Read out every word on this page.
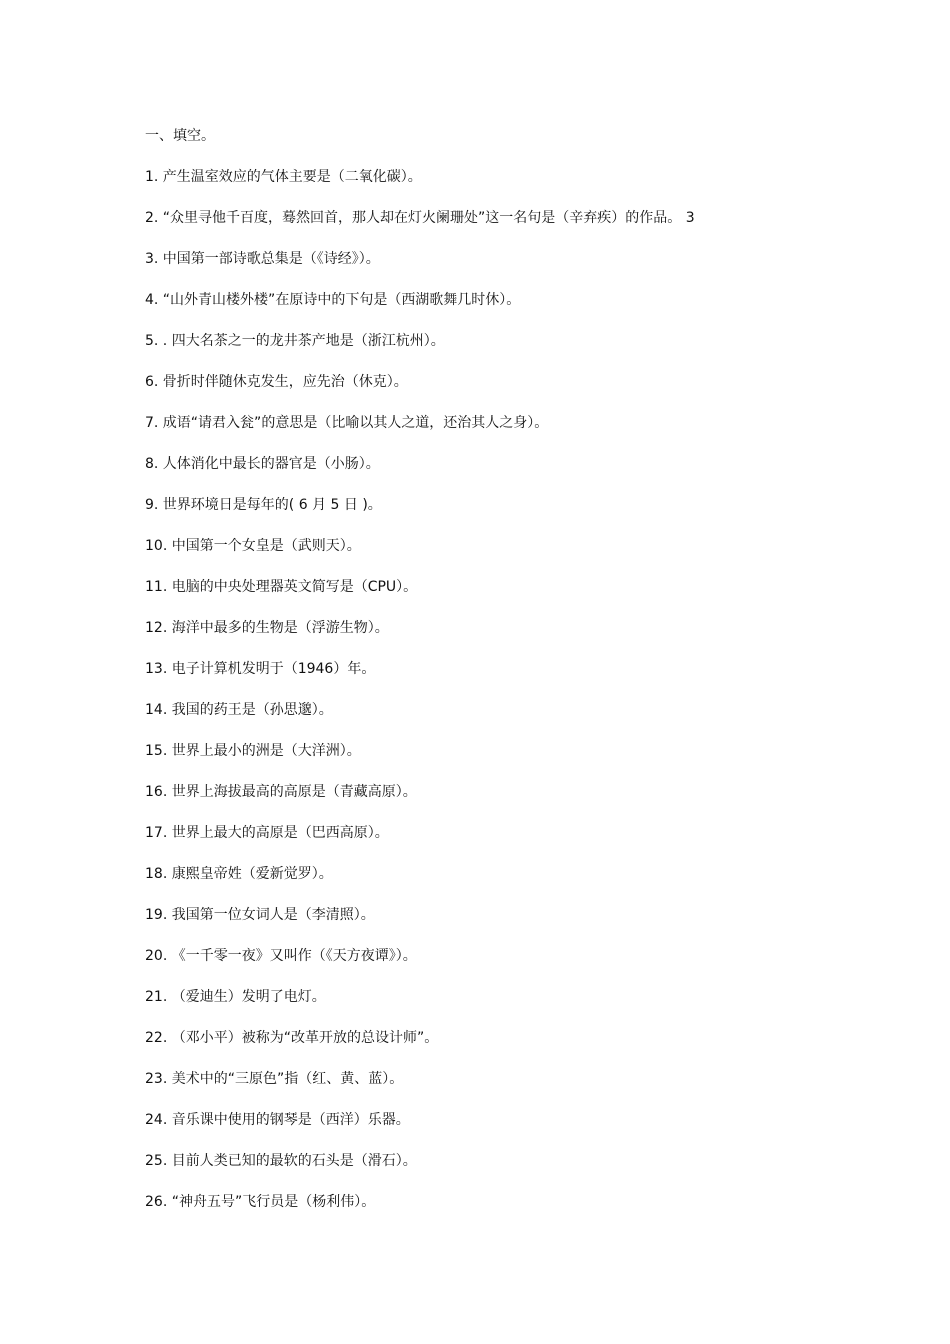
一、填空。
1. 产生温室效应的气体主要是（二氧化碳）。
2. “众里寻他千百度，蓦然回首，那人却在灯火阑珊处”这一名句是（辛弃疾）的作品。 3
3. 中国第一部诗歌总集是（《诗经》）。
4. “山外青山楼外楼”在原诗中的下句是（西湖歌舞几时休）。
5. . 四大名茶之一的龙井茶产地是（浙江杭州）。
6. 骨折时伴随休克发生，应先治（休克）。
7. 成语“请君入瓮”的意思是（比喻以其人之道，还治其人之身）。
8. 人体消化中最长的器官是（小肠）。
9. 世界环境日是每年的( 6 月 5 日 )。
10. 中国第一个女皇是（武则天）。
11. 电脑的中央处理器英文简写是（CPU）。
12. 海洋中最多的生物是（浮游生物）。
13. 电子计算机发明于（1946）年。
14. 我国的药王是（孙思邈）。
15. 世界上最小的洲是（大洋洲）。
16. 世界上海拔最高的高原是（青藏高原）。
17. 世界上最大的高原是（巴西高原）。
18. 康熙皇帝姓（爱新觉罗）。
19. 我国第一位女词人是（李清照）。
20. 《一千零一夜》又叫作（《天方夜谭》）。
21. （爱迪生）发明了电灯。
22. （邓小平）被称为“改革开放的总设计师”。
23. 美术中的“三原色”指（红、黄、蓝）。
24. 音乐课中使用的钢琴是（西洋）乐器。
25. 目前人类已知的最软的石头是（滑石）。
26. “神舟五号”飞行员是（杨利伟）。
